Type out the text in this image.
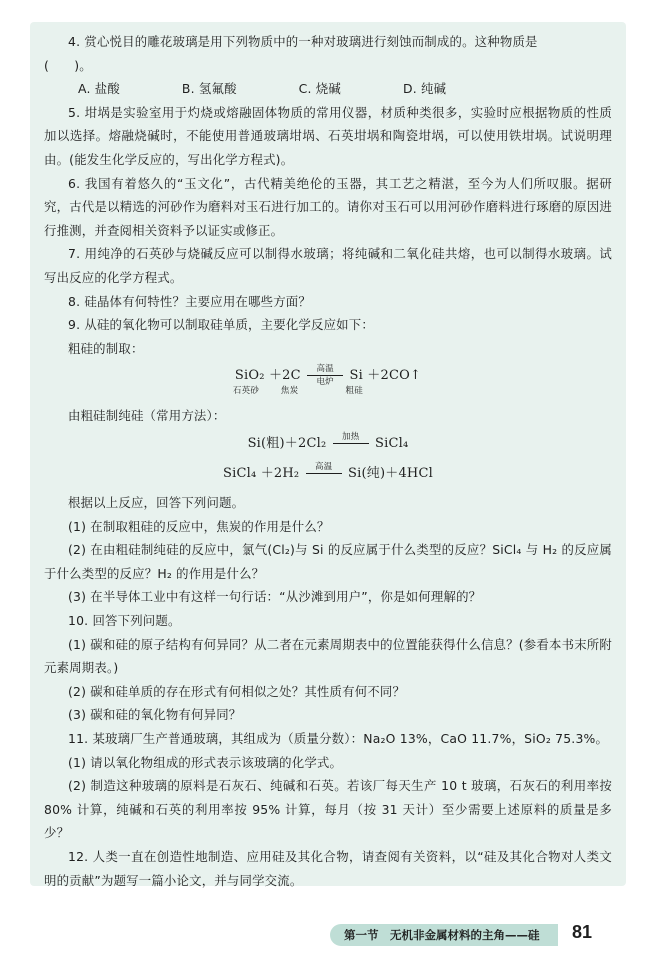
4. 赏心悦目的雕花玻璃是用下列物质中的一种对玻璃进行刻蚀而制成的。这种物质是

(　　)。

A. 盐酸	B. 氢氟酸	C. 烧碱	D. 纯碱

5. 坩埚是实验室用于灼烧或熔融固体物质的常用仪器，材质种类很多，实验时应根据物质的性质加以选择。熔融烧碱时，不能使用普通玻璃坩埚、石英坩埚和陶瓷坩埚，可以使用铁坩埚。试说明理由。(能发生化学反应的，写出化学方程式)。

6. 我国有着悠久的“玉文化”，古代精美绝伦的玉器，其工艺之精湛，至今为人们所叹服。据研究，古代是以精选的河砂作为磨料对玉石进行加工的。请你对玉石可以用河砂作磨料进行琢磨的原因进行推测，并查阅相关资料予以证实或修正。

7. 用纯净的石英砂与烧碱反应可以制得水玻璃；将纯碱和二氧化硅共熔，也可以制得水玻璃。试写出反应的化学方程式。

8. 硅晶体有何特性？主要应用在哪些方面？

9. 从硅的氧化物可以制取硅单质，主要化学反应如下：

粗硅的制取：

SiO₂ ＋2C
石英砂	焦炭

高温
电炉	Si ＋2CO↑
粗硅

由粗硅制纯硅（常用方法）：

Si(粗)＋2Cl₂	加热
	SiCl₄
SiCl₄ ＋2H₂	高温
	Si(纯)＋4HCl

根据以上反应，回答下列问题。

(1) 在制取粗硅的反应中，焦炭的作用是什么？

(2) 在由粗硅制纯硅的反应中，氯气(Cl₂)与 Si 的反应属于什么类型的反应？SiCl₄ 与 H₂ 的反应属于什么类型的反应？H₂ 的作用是什么？

(3) 在半导体工业中有这样一句行话：“从沙滩到用户”，你是如何理解的？

10. 回答下列问题。

(1) 碳和硅的原子结构有何异同？从二者在元素周期表中的位置能获得什么信息？(参看本书末所附元素周期表。)

(2) 碳和硅单质的存在形式有何相似之处？其性质有何不同？

(3) 碳和硅的氧化物有何异同？

11. 某玻璃厂生产普通玻璃，其组成为（质量分数）：Na₂O 13%，CaO 11.7%，SiO₂ 75.3%。

(1) 请以氧化物组成的形式表示该玻璃的化学式。

(2) 制造这种玻璃的原料是石灰石、纯碱和石英。若该厂每天生产 10 t 玻璃，石灰石的利用率按 80% 计算，纯碱和石英的利用率按 95% 计算，每月（按 31 天计）至少需要上述原料的质量是多少？

12. 人类一直在创造性地制造、应用硅及其化合物，请查阅有关资料，以“硅及其化合物对人类文明的贡献”为题写一篇小论文，并与同学交流。

第一节　无机非金属材料的主角——硅 81
